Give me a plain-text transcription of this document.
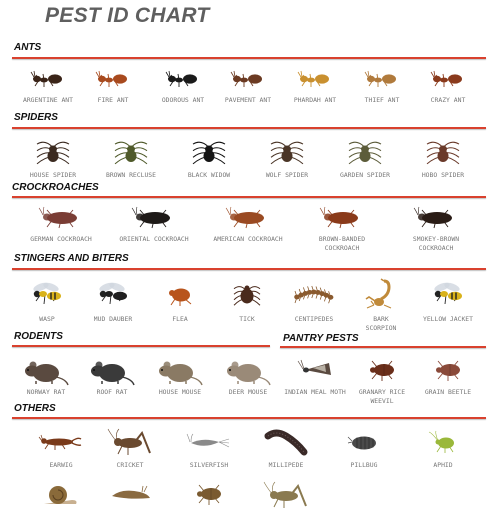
PEST ID CHART
ANTS
SPIDERS
CROCKROACHES
STINGERS AND BITERS
RODENTS	PANTRY PESTS
OTHERS
ARGENTINE ANT	FIRE ANT	ODOROUS ANT	PAVEMENT ANT	PHARDAH ANT	THIEF ANT	CRAZY ANT
HOUSE SPIDER	BROWN RECLUSE	BLACK WIDOW	WOLF SPIDER	GARDEN SPIDER	HOBO SPIDER
GERMAN COCKROACH	ORIENTAL COCKROACH	AMERICAN COCKROACH	BROWN-BANDED
COCKROACH
SMOKEY-BROWN
COCKROACH
WASP	MUD DAUBER	FLEA	TICK	CENTIPEDES	BARK
SCORPION
YELLOW JACKET
NORWAY RAT	ROOF RAT	HOUSE MOUSE	DEER MOUSE	INDIAN MEAL MOTH	GRANARY RICE
WEEVIL
GRAIN BEETLE
EARWIG	CRICKET	SILVERFISH	MILLIPEDE	PILLBUG	APHID
